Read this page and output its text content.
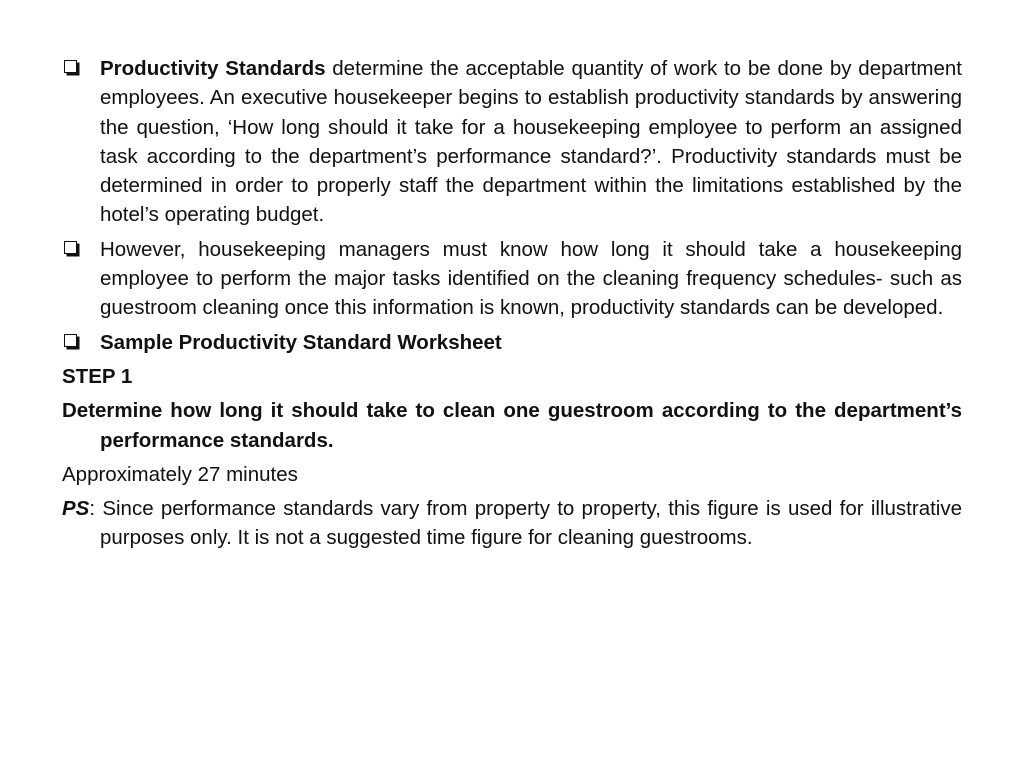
Productivity Standards determine the acceptable quantity of work to be done by department employees. An executive housekeeper begins to establish productivity standards by answering the question, ‘How long should it take for a housekeeping employee to perform an assigned task according to the department’s performance standard?’. Productivity standards must be determined in order to properly staff the department within the limitations established by the hotel’s operating budget.

However, housekeeping managers must know how long it should take a housekeeping employee to perform the major tasks identified on the cleaning frequency schedules- such as guestroom cleaning once this information is known, productivity standards can be developed.

Sample Productivity Standard Worksheet

STEP 1

Determine how long it should take to clean one guestroom according to the department’s performance standards.

Approximately 27 minutes

PS: Since performance standards vary from property to property, this figure is used for illustrative purposes only. It is not a suggested time figure for cleaning guestrooms.
